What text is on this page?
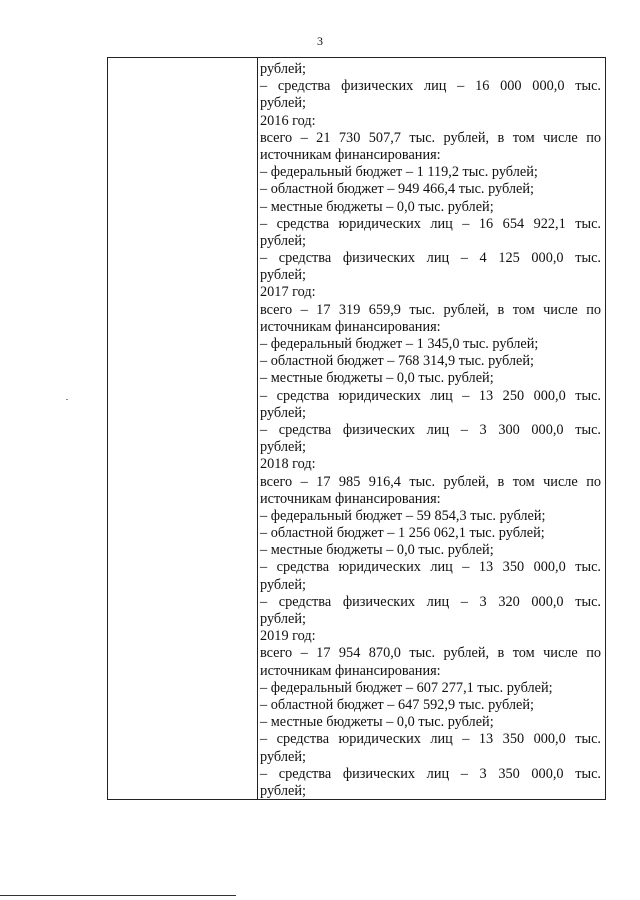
3
рублей;
– средства физических лиц – 16 000 000,0 тыс.
рублей;
2016 год:
всего – 21 730 507,7 тыс. рублей, в том числе по
источникам финансирования:
– федеральный бюджет – 1 119,2 тыс. рублей;
– областной бюджет – 949 466,4 тыс. рублей;
– местные бюджеты – 0,0 тыс. рублей;
– средства юридических лиц – 16 654 922,1 тыс.
рублей;
– средства физических лиц – 4 125 000,0 тыс.
рублей;
2017 год:
всего – 17 319 659,9 тыс. рублей, в том числе по
источникам финансирования:
– федеральный бюджет – 1 345,0 тыс. рублей;
– областной бюджет – 768 314,9 тыс. рублей;
– местные бюджеты – 0,0 тыс. рублей;
– средства юридических лиц – 13 250 000,0 тыс.
рублей;
– средства физических лиц – 3 300 000,0 тыс.
рублей;
2018 год:
всего – 17 985 916,4 тыс. рублей, в том числе по
источникам финансирования:
– федеральный бюджет – 59 854,3 тыс. рублей;
– областной бюджет – 1 256 062,1 тыс. рублей;
– местные бюджеты – 0,0 тыс. рублей;
– средства юридических лиц – 13 350 000,0 тыс.
рублей;
– средства физических лиц – 3 320 000,0 тыс.
рублей;
2019 год:
всего – 17 954 870,0 тыс. рублей, в том числе по
источникам финансирования:
– федеральный бюджет – 607 277,1 тыс. рублей;
– областной бюджет – 647 592,9 тыс. рублей;
– местные бюджеты – 0,0 тыс. рублей;
– средства юридических лиц – 13 350 000,0 тыс.
рублей;
– средства физических лиц – 3 350 000,0 тыс.
рублей;
